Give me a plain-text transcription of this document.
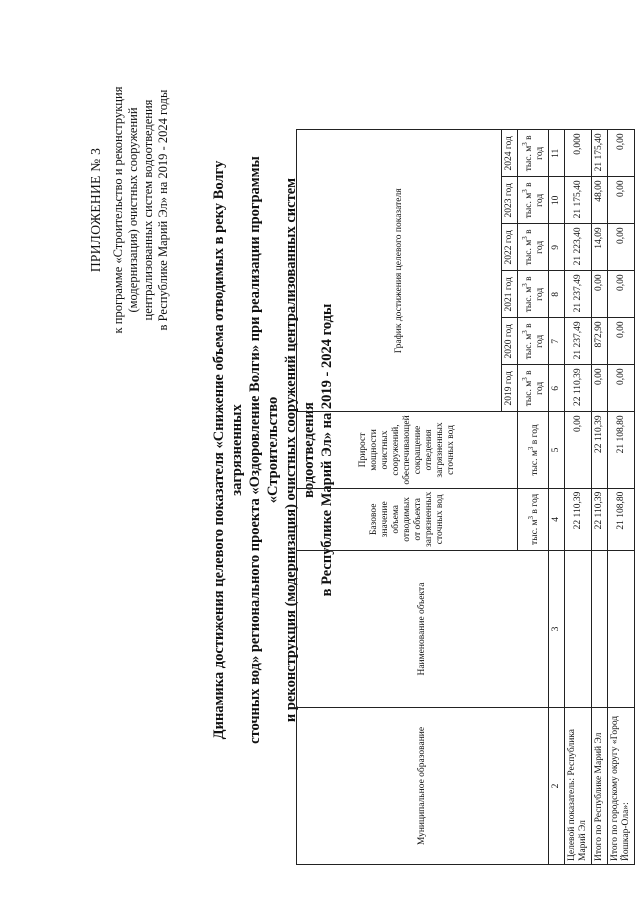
ПРИЛОЖЕНИЕ № 3 к программе «Строительство и реконструкция (модернизация) очистных сооружений централизованных систем водоотведения в Республике Марий Эл» на 2019 - 2024 годы	Динамика достижения целевого показателя «Снижение объема отводимых в реку Волгу загрязненных сточных вод» регионального проекта «Оздоровление Волги» при реализации программы «Строительство и реконструкция (модернизация) очистных сооружений централизованных систем водоотведения в Республике Марий Эл» на 2019 - 2024 годы
Муниципальное образование	Наименование объекта	Базовое значение объема отводимых от объекта загрязненных сточных вод	Прирост мощности очистных сооружений, обеспечивающей сокращение отведения загрязненных сточных вод	График достижения целевого показателя					
				2019 год	2020 год	2021 год	2022 год	2023 год	2024 год
		тыс. $м^3$ в год	тыс. $м^3$ в год	тыс. $м^3$ в год	тыс. $м^3$ в год	тыс. $м^3$ в год	тыс. $м^3$ в год	тыс. $м^3$ в год	тыс. $м^3$ в год
2	3	4	5	6	7	8	9	10	11
Целевой показатель: Республика Марий Эл		22 110,39	0,00	22 110,39	21 237,49	21 237,49	21 223,40	21 175,40	0,000
Итого по Республике Марий Эл		22 110,39	22 110,39	0,00	872,90	0,00	14,09	48,00	21 175,40
Итого по городскому округу «Город Йошкар-Ола»:		21 108,80	21 108,80	0,00	0,00	0,00	0,00	0,00	0,00
